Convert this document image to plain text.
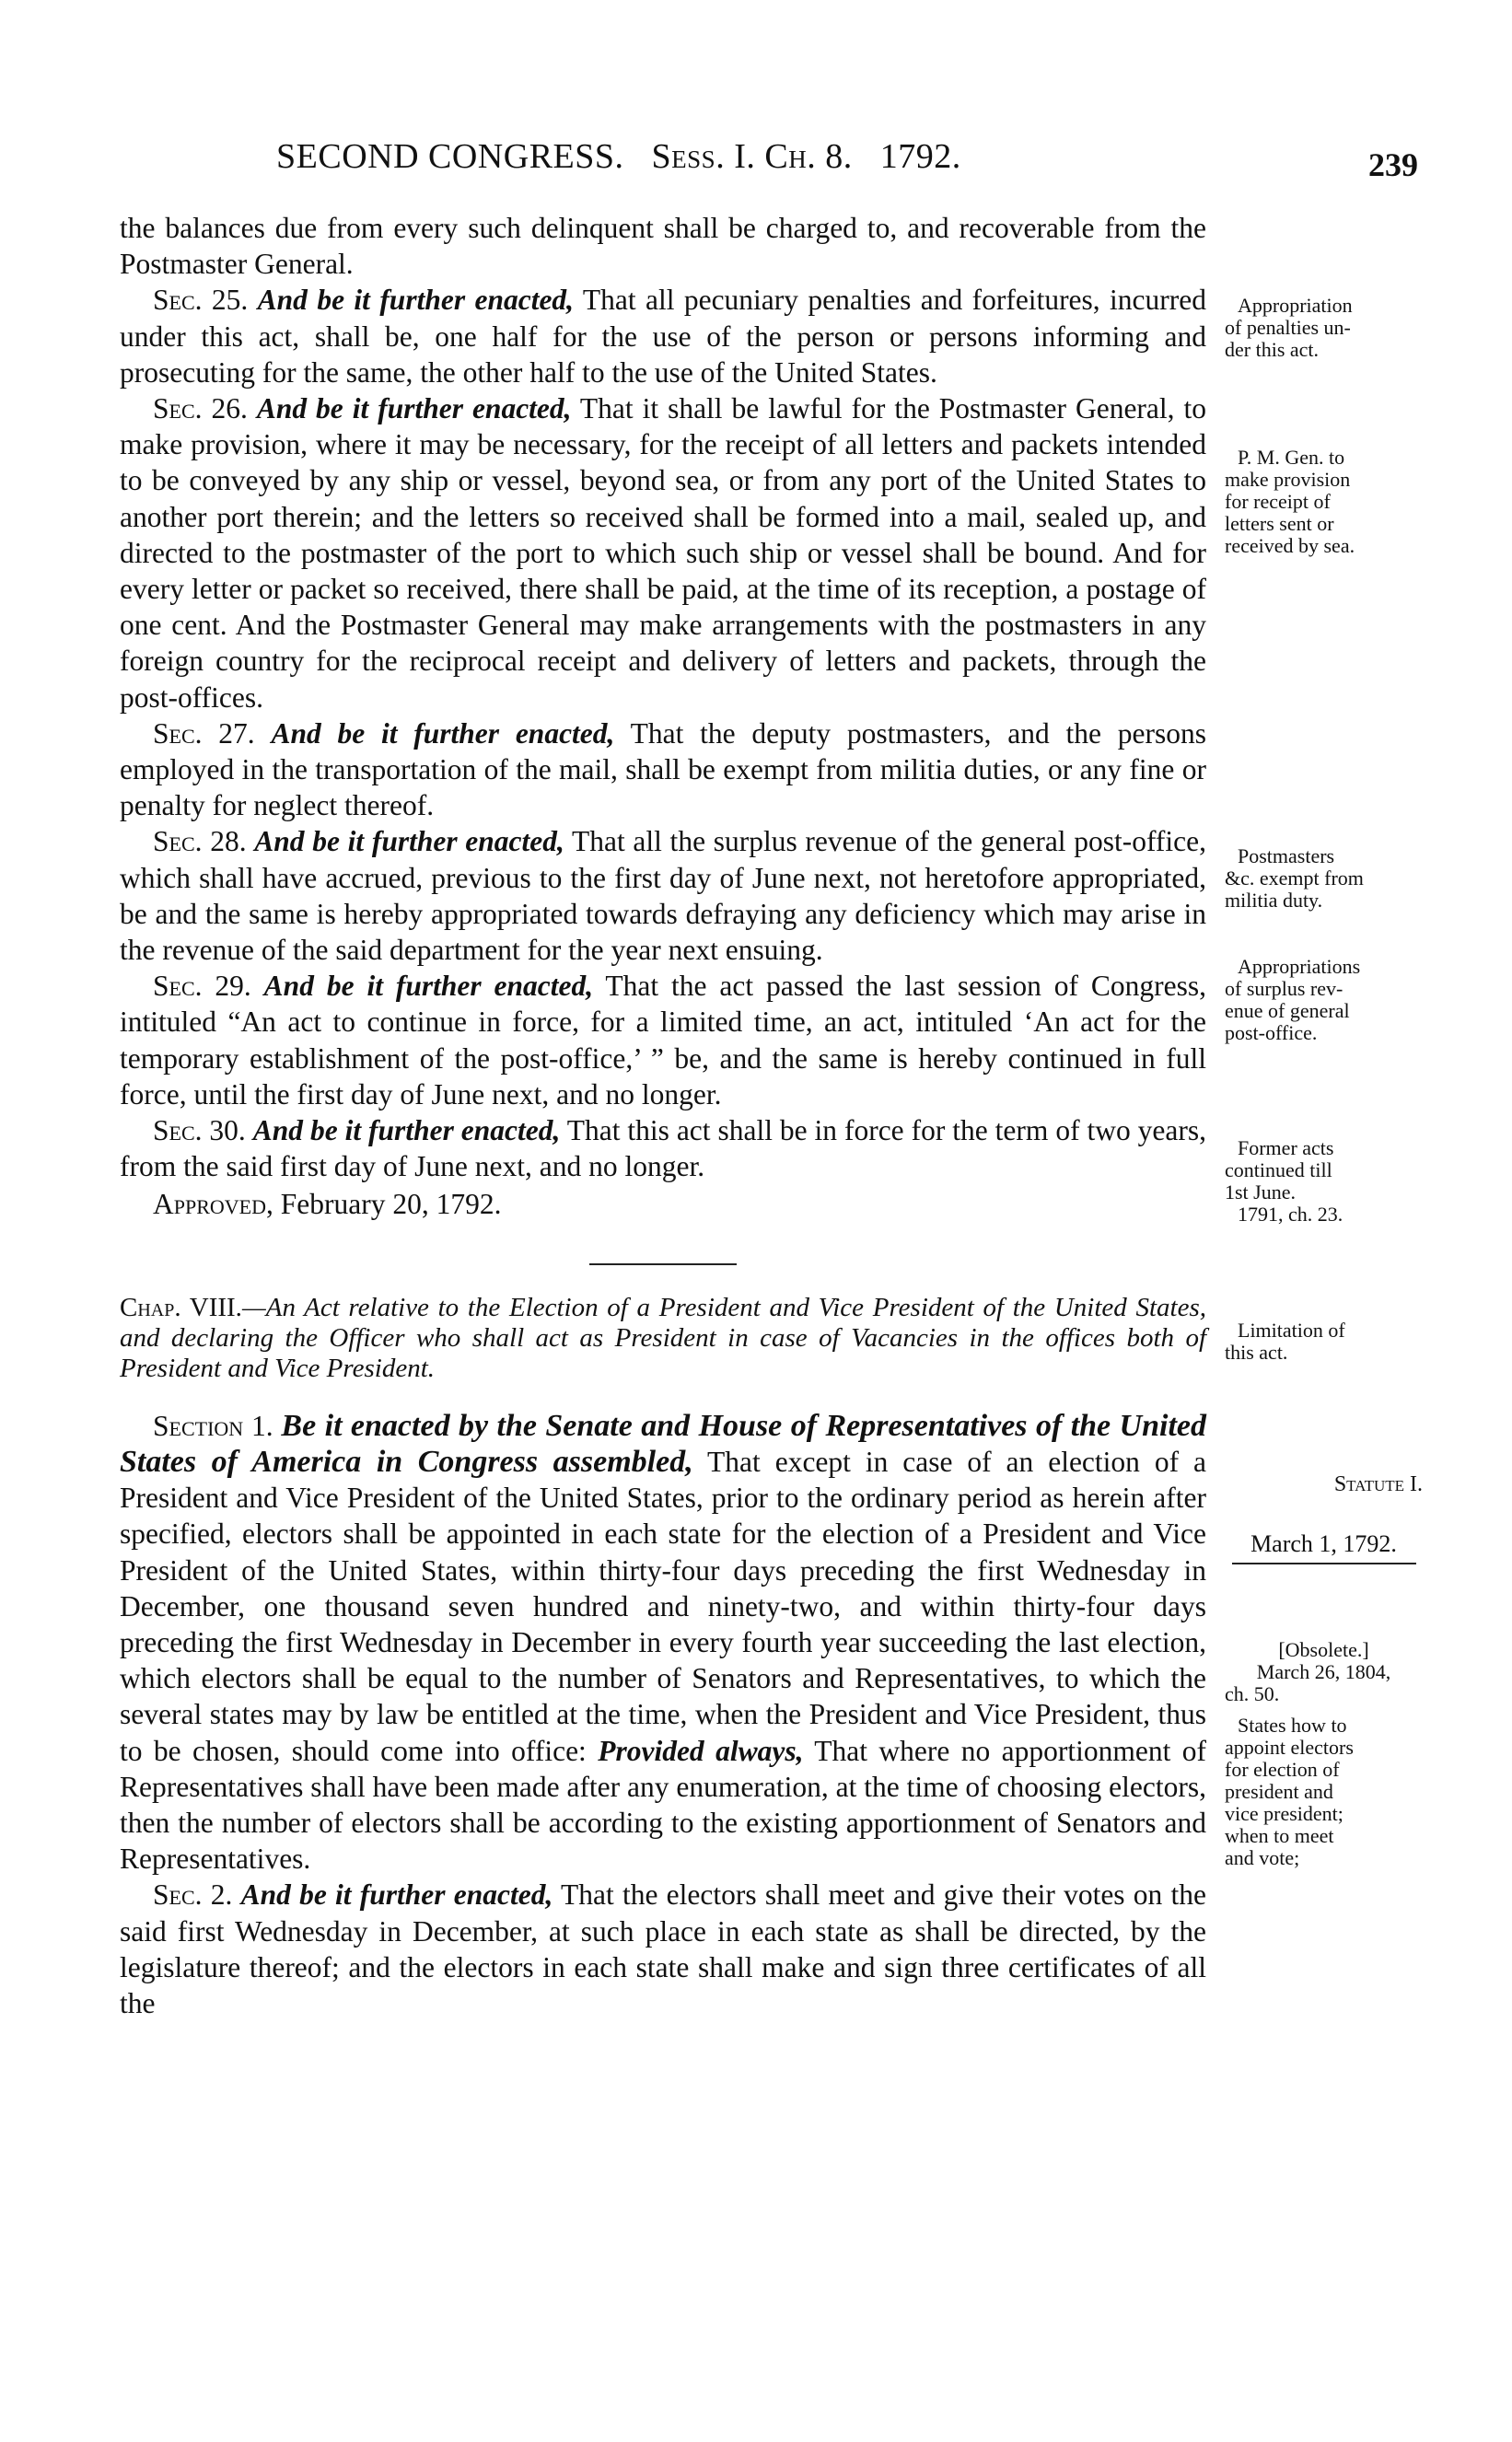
SECOND CONGRESS. Sess. I. Ch. 8. 1792.	239

the balances due from every such delinquent shall be charged to, and recoverable from the Postmaster General.

Sec. 25. And be it further enacted, That all pecuniary penalties and forfeitures, incurred under this act, shall be, one half for the use of the person or persons informing and prosecuting for the same, the other half to the use of the United States.

Sec. 26. And be it further enacted, That it shall be lawful for the Postmaster General, to make provision, where it may be necessary, for the receipt of all letters and packets intended to be conveyed by any ship or vessel, beyond sea, or from any port of the United States to another port therein; and the letters so received shall be formed into a mail, sealed up, and directed to the postmaster of the port to which such ship or vessel shall be bound. And for every letter or packet so received, there shall be paid, at the time of its reception, a postage of one cent. And the Postmaster General may make arrangements with the postmasters in any foreign country for the reciprocal receipt and delivery of letters and packets, through the post-offices.

Sec. 27. And be it further enacted, That the deputy postmasters, and the persons employed in the transportation of the mail, shall be exempt from militia duties, or any fine or penalty for neglect thereof.

Sec. 28. And be it further enacted, That all the surplus revenue of the general post-office, which shall have accrued, previous to the first day of June next, not heretofore appropriated, be and the same is hereby appropriated towards defraying any deficiency which may arise in the revenue of the said department for the year next ensuing.

Sec. 29. And be it further enacted, That the act passed the last session of Congress, intituled “An act to continue in force, for a limited time, an act, intituled ‘An act for the temporary establishment of the post-office,’ ” be, and the same is hereby continued in full force, until the first day of June next, and no longer.

Sec. 30. And be it further enacted, That this act shall be in force for the term of two years, from the said first day of June next, and no longer.

Approved, February 20, 1792.

Chap. VIII.—An Act relative to the Election of a President and Vice President of the United States, and declaring the Officer who shall act as President in case of Vacancies in the offices both of President and Vice President.

Section 1. Be it enacted by the Senate and House of Representatives of the United States of America in Congress assembled, That except in case of an election of a President and Vice President of the United States, prior to the ordinary period as herein after specified, electors shall be appointed in each state for the election of a President and Vice President of the United States, within thirty-four days preceding the first Wednesday in December, one thousand seven hundred and ninety-two, and within thirty-four days preceding the first Wednesday in December in every fourth year succeeding the last election, which electors shall be equal to the number of Senators and Representatives, to which the several states may by law be entitled at the time, when the President and Vice President, thus to be chosen, should come into office: Provided always, That where no apportionment of Representatives shall have been made after any enumeration, at the time of choosing electors, then the number of electors shall be according to the existing apportionment of Senators and Representatives.

Sec. 2. And be it further enacted, That the electors shall meet and give their votes on the said first Wednesday in December, at such place in each state as shall be directed, by the legislature thereof; and the electors in each state shall make and sign three certificates of all the

Appropriation
of penalties un-
der this act.
P. M. Gen. to
make provision
for receipt of
letters sent or
received by sea.
Postmasters
&c. exempt from
militia duty.
Appropriations
of surplus rev-
enue of general
post-office.
Former acts
continued till
1st June.
1791, ch. 23.
Limitation of
this act.
Statute I.
March 1, 1792.
[Obsolete.]
March 26, 1804,
ch. 50.
States how to
appoint electors
for election of
president and
vice president;
when to meet
and vote;
